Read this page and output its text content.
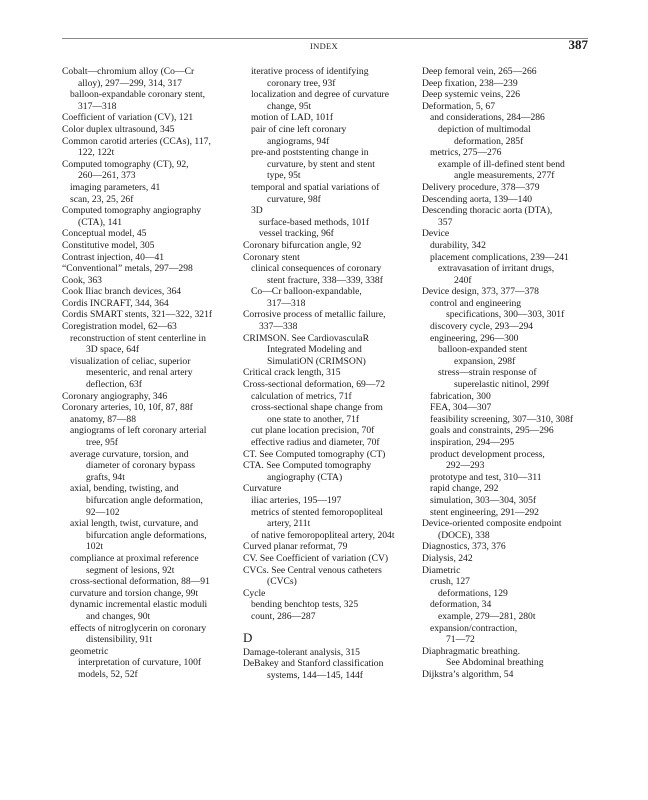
INDEX	387
Cobalt—chromium alloy (Co—Cr
alloy), 297—299, 314, 317
balloon-expandable coronary stent,
317—318
Coefficient of variation (CV), 121
Color duplex ultrasound, 345
Common carotid arteries (CCAs), 117,
122, 122t
Computed tomography (CT), 92,
260—261, 373
imaging parameters, 41
scan, 23, 25, 26f
Computed tomography angiography
(CTA), 141
Conceptual model, 45
Constitutive model, 305
Contrast injection, 40—41
“Conventional” metals, 297—298
Cook, 363
Cook Iliac branch devices, 364
Cordis INCRAFT, 344, 364
Cordis SMART stents, 321—322, 321f
Coregistration model, 62—63
reconstruction of stent centerline in
3D space, 64f
visualization of celiac, superior
mesenteric, and renal artery
deflection, 63f
Coronary angiography, 346
Coronary arteries, 10, 10f, 87, 88f
anatomy, 87—88
angiograms of left coronary arterial
tree, 95f
average curvature, torsion, and
diameter of coronary bypass
grafts, 94t
axial, bending, twisting, and
bifurcation angle deformation,
92—102
axial length, twist, curvature, and
bifurcation angle deformations,
102t
compliance at proximal reference
segment of lesions, 92t
cross-sectional deformation, 88—91
curvature and torsion change, 99t
dynamic incremental elastic moduli
and changes, 90t
effects of nitroglycerin on coronary
distensibility, 91t
geometric
interpretation of curvature, 100f
models, 52, 52f
iterative process of identifying
coronary tree, 93f
localization and degree of curvature
change, 95t
motion of LAD, 101f
pair of cine left coronary
angiograms, 94f
pre-and poststenting change in
curvature, by stent and stent
type, 95t
temporal and spatial variations of
curvature, 98f
3D
surface-based methods, 101f
vessel tracking, 96f
Coronary bifurcation angle, 92
Coronary stent
clinical consequences of coronary
stent fracture, 338—339, 338f
Co—Cr balloon-expandable,
317—318
Corrosive process of metallic failure,
337—338
CRIMSON. See CardiovasculaR
Integrated Modeling and
SimulatiON (CRIMSON)
Critical crack length, 315
Cross-sectional deformation, 69—72
calculation of metrics, 71f
cross-sectional shape change from
one state to another, 71f
cut plane location precision, 70f
effective radius and diameter, 70f
CT. See Computed tomography (CT)
CTA. See Computed tomography
angiography (CTA)
Curvature
iliac arteries, 195—197
metrics of stented femoropopliteal
artery, 211t
of native femoropopliteal artery, 204t
Curved planar reformat, 79
CV. See Coefficient of variation (CV)
CVCs. See Central venous catheters
(CVCs)
Cycle
bending benchtop tests, 325
count, 286—287
D
Damage-tolerant analysis, 315
DeBakey and Stanford classification
systems, 144—145, 144f
Deep femoral vein, 265—266
Deep fixation, 238—239
Deep systemic veins, 226
Deformation, 5, 67
and considerations, 284—286
depiction of multimodal
deformation, 285f
metrics, 275—276
example of ill-defined stent bend
angle measurements, 277f
Delivery procedure, 378—379
Descending aorta, 139—140
Descending thoracic aorta (DTA),
357
Device
durability, 342
placement complications, 239—241
extravasation of irritant drugs,
240f
Device design, 373, 377—378
control and engineering
specifications, 300—303, 301f
discovery cycle, 293—294
engineering, 296—300
balloon-expanded stent
expansion, 298f
stress—strain response of
superelastic nitinol, 299f
fabrication, 300
FEA, 304—307
feasibility screening, 307—310, 308f
goals and constraints, 295—296
inspiration, 294—295
product development process,
292—293
prototype and test, 310—311
rapid change, 292
simulation, 303—304, 305f
stent engineering, 291—292
Device-oriented composite endpoint
(DOCE), 338
Diagnostics, 373, 376
Dialysis, 242
Diametric
crush, 127
deformations, 129
deformation, 34
example, 279—281, 280t
expansion/contraction,
71—72
Diaphragmatic breathing.
See Abdominal breathing
Dijkstra’s algorithm, 54
